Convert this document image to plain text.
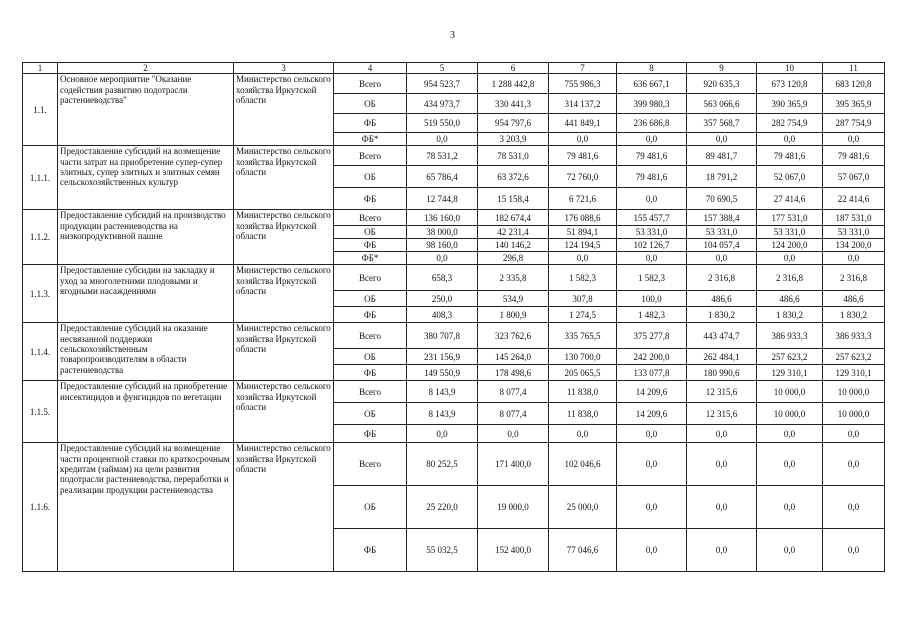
3
1	2	3	4	5	6	7	8	9	10	11
1.1.	Основное мероприятие "Оказание содействия развитию подотрасли растениеводства"	Министерство сельского хозяйства Иркутской области	Всего	954 523,7	1 288 442,8	755 986,3	636 667,1	920 635,3	673 120,8	683 120,8
			ОБ	434 973,7	330 441,3	314 137,2	399 980,3	563 066,6	390 365,9	395 365,9
			ФБ	519 550,0	954 797,6	441 849,1	236 686,8	357 568,7	282 754,9	287 754,9
			ФБ*	0,0	3 203,9	0,0	0,0	0,0	0,0	0,0
1.1.1.	Предоставление субсидий на возмещение части затрат на приобретение супер-супер элитных, супер элитных и элитных семян сельскохозяйственных культур	Министерство сельского хозяйства Иркутской области	Всего	78 531,2	78 531,0	79 481,6	79 481,6	89 481,7	79 481,6	79 481,6
			ОБ	65 786,4	63 372,6	72 760,0	79 481,6	18 791,2	52 067,0	57 067,0
			ФБ	12 744,8	15 158,4	6 721,6	0,0	70 690,5	27 414,6	22 414,6
1.1.2.	Предоставление субсидий на производство продукции растениеводства на низкопродуктивной пашне	Министерство сельского хозяйства Иркутской области	Всего	136 160,0	182 674,4	176 088,6	155 457,7	157 388,4	177 531,0	187 531,0
			ОБ	38 000,0	42 231,4	51 894,1	53 331,0	53 331,0	53 331,0	53 331,0
			ФБ	98 160,0	140 146,2	124 194,5	102 126,7	104 057,4	124 200,0	134 200,0
			ФБ*	0,0	296,8	0,0	0,0	0,0	0,0	0,0
1.1.3.	Предоставление субсидии на закладку и уход за многолетними плодовыми и ягодными насаждениями	Министерство сельского хозяйства Иркутской области	Всего	658,3	2 335,8	1 582,3	1 582,3	2 316,8	2 316,8	2 316,8
			ОБ	250,0	534,9	307,8	100,0	486,6	486,6	486,6
			ФБ	408,3	1 800,9	1 274,5	1 482,3	1 830,2	1 830,2	1 830,2
1.1.4.	Предоставление субсидий на оказание несвязанной поддержки сельскохозяйственным товаропроизводителям в области растениеводства	Министерство сельского хозяйства Иркутской области	Всего	380 707,8	323 762,6	335 765,5	375 277,8	443 474,7	386 933,3	386 933,3
			ОБ	231 156,9	145 264,0	130 700,0	242 200,0	262 484,1	257 623,2	257 623,2
			ФБ	149 550,9	178 498,6	205 065,5	133 077,8	180 990,6	129 310,1	129 310,1
1.1.5.	Предоставление субсидий на приобретение инсектицидов и фунгицидов по вегетации	Министерство сельского хозяйства Иркутской области	Всего	8 143,9	8 077,4	11 838,0	14 209,6	12 315,6	10 000,0	10 000,0
			ОБ	8 143,9	8 077,4	11 838,0	14 209,6	12 315,6	10 000,0	10 000,0
			ФБ	0,0	0,0	0,0	0,0	0,0	0,0	0,0
1.1.6.	Предоставление субсидий на возмещение части процентной ставки по краткосрочным кредитам (займам) на цели развития подотрасли растениеводства, переработки и реализации продукции растениеводства	Министерство сельского хозяйства Иркутской области	Всего	80 252,5	171 400,0	102 046,6	0,0	0,0	0,0	0,0
			ОБ	25 220,0	19 000,0	25 000,0	0,0	0,0	0,0	0,0
			ФБ	55 032,5	152 400,0	77 046,6	0,0	0,0	0,0	0,0
